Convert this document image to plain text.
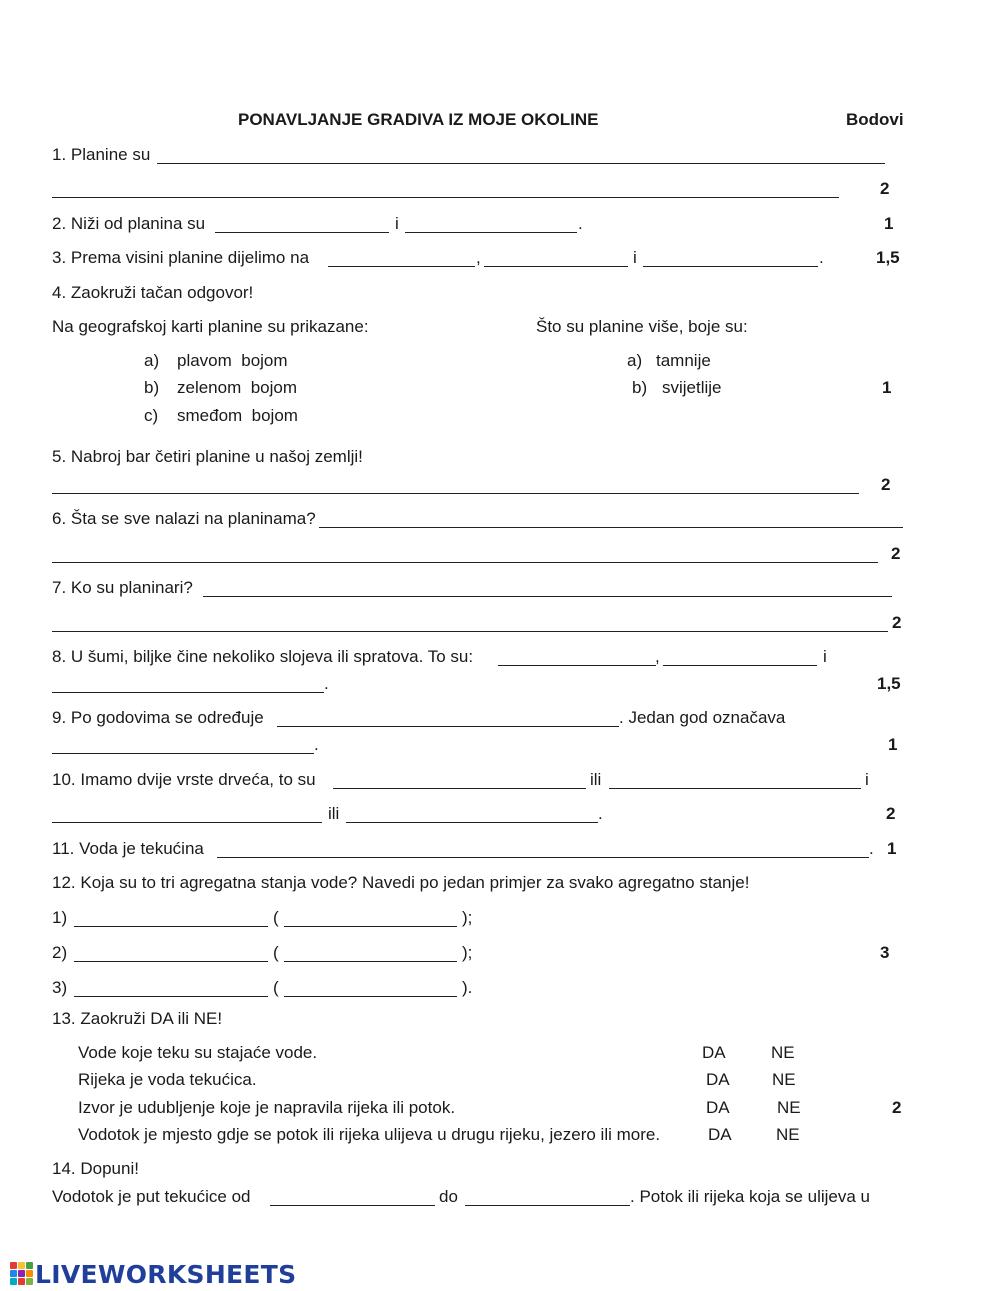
PONAVLJANJE GRADIVA IZ MOJE OKOLINE	Bodovi
1. Planine su
2
2. Niži od planina su	i	.	1
3. Prema visini planine dijelimo na	,	i	.	1,5
4. Zaokruži tačan odgovor!
Na geografskoj karti planine su prikazane:	Što su planine više, boje su:
a) plavom  bojom
b) zelenom  bojom
c) smeđom  bojom
a) tamnije
b) svijetlije	1
5. Nabroj bar četiri planine u našoj zemlji!
2
6. Šta se sve nalazi na planinama?
2
7. Ko su planinari?
2
8. U šumi, biljke čine nekoliko slojeva ili spratova. To su:	,	i
.	1,5
9. Po godovima se određuje	. Jedan god označava
.	1
10. Imamo dvije vrste drveća, to su	ili	i
ili	.	2
11. Voda je tekućina	. 1
12. Koja su to tri agregatna stanja vode? Navedi po jedan primjer za svako agregatno stanje!
1)	(	);
2)	(	);
3)	(	).
3
13. Zaokruži DA ili NE!
Vode koje teku su stajaće vode.	DA	NE
Rijeka je voda tekućica.	DA NE
Izvor je udubljenje koje je napravila rijeka ili potok.	DA	NE	2
Vodotok je mjesto gdje se potok ili rijeka ulijeva u drugu rijeku, jezero ili more.	DA	NE
14. Dopuni!
Vodotok je put tekućice od	do	. Potok ili rijeka koja se ulijeva u
LIVEWORKSHEETS
